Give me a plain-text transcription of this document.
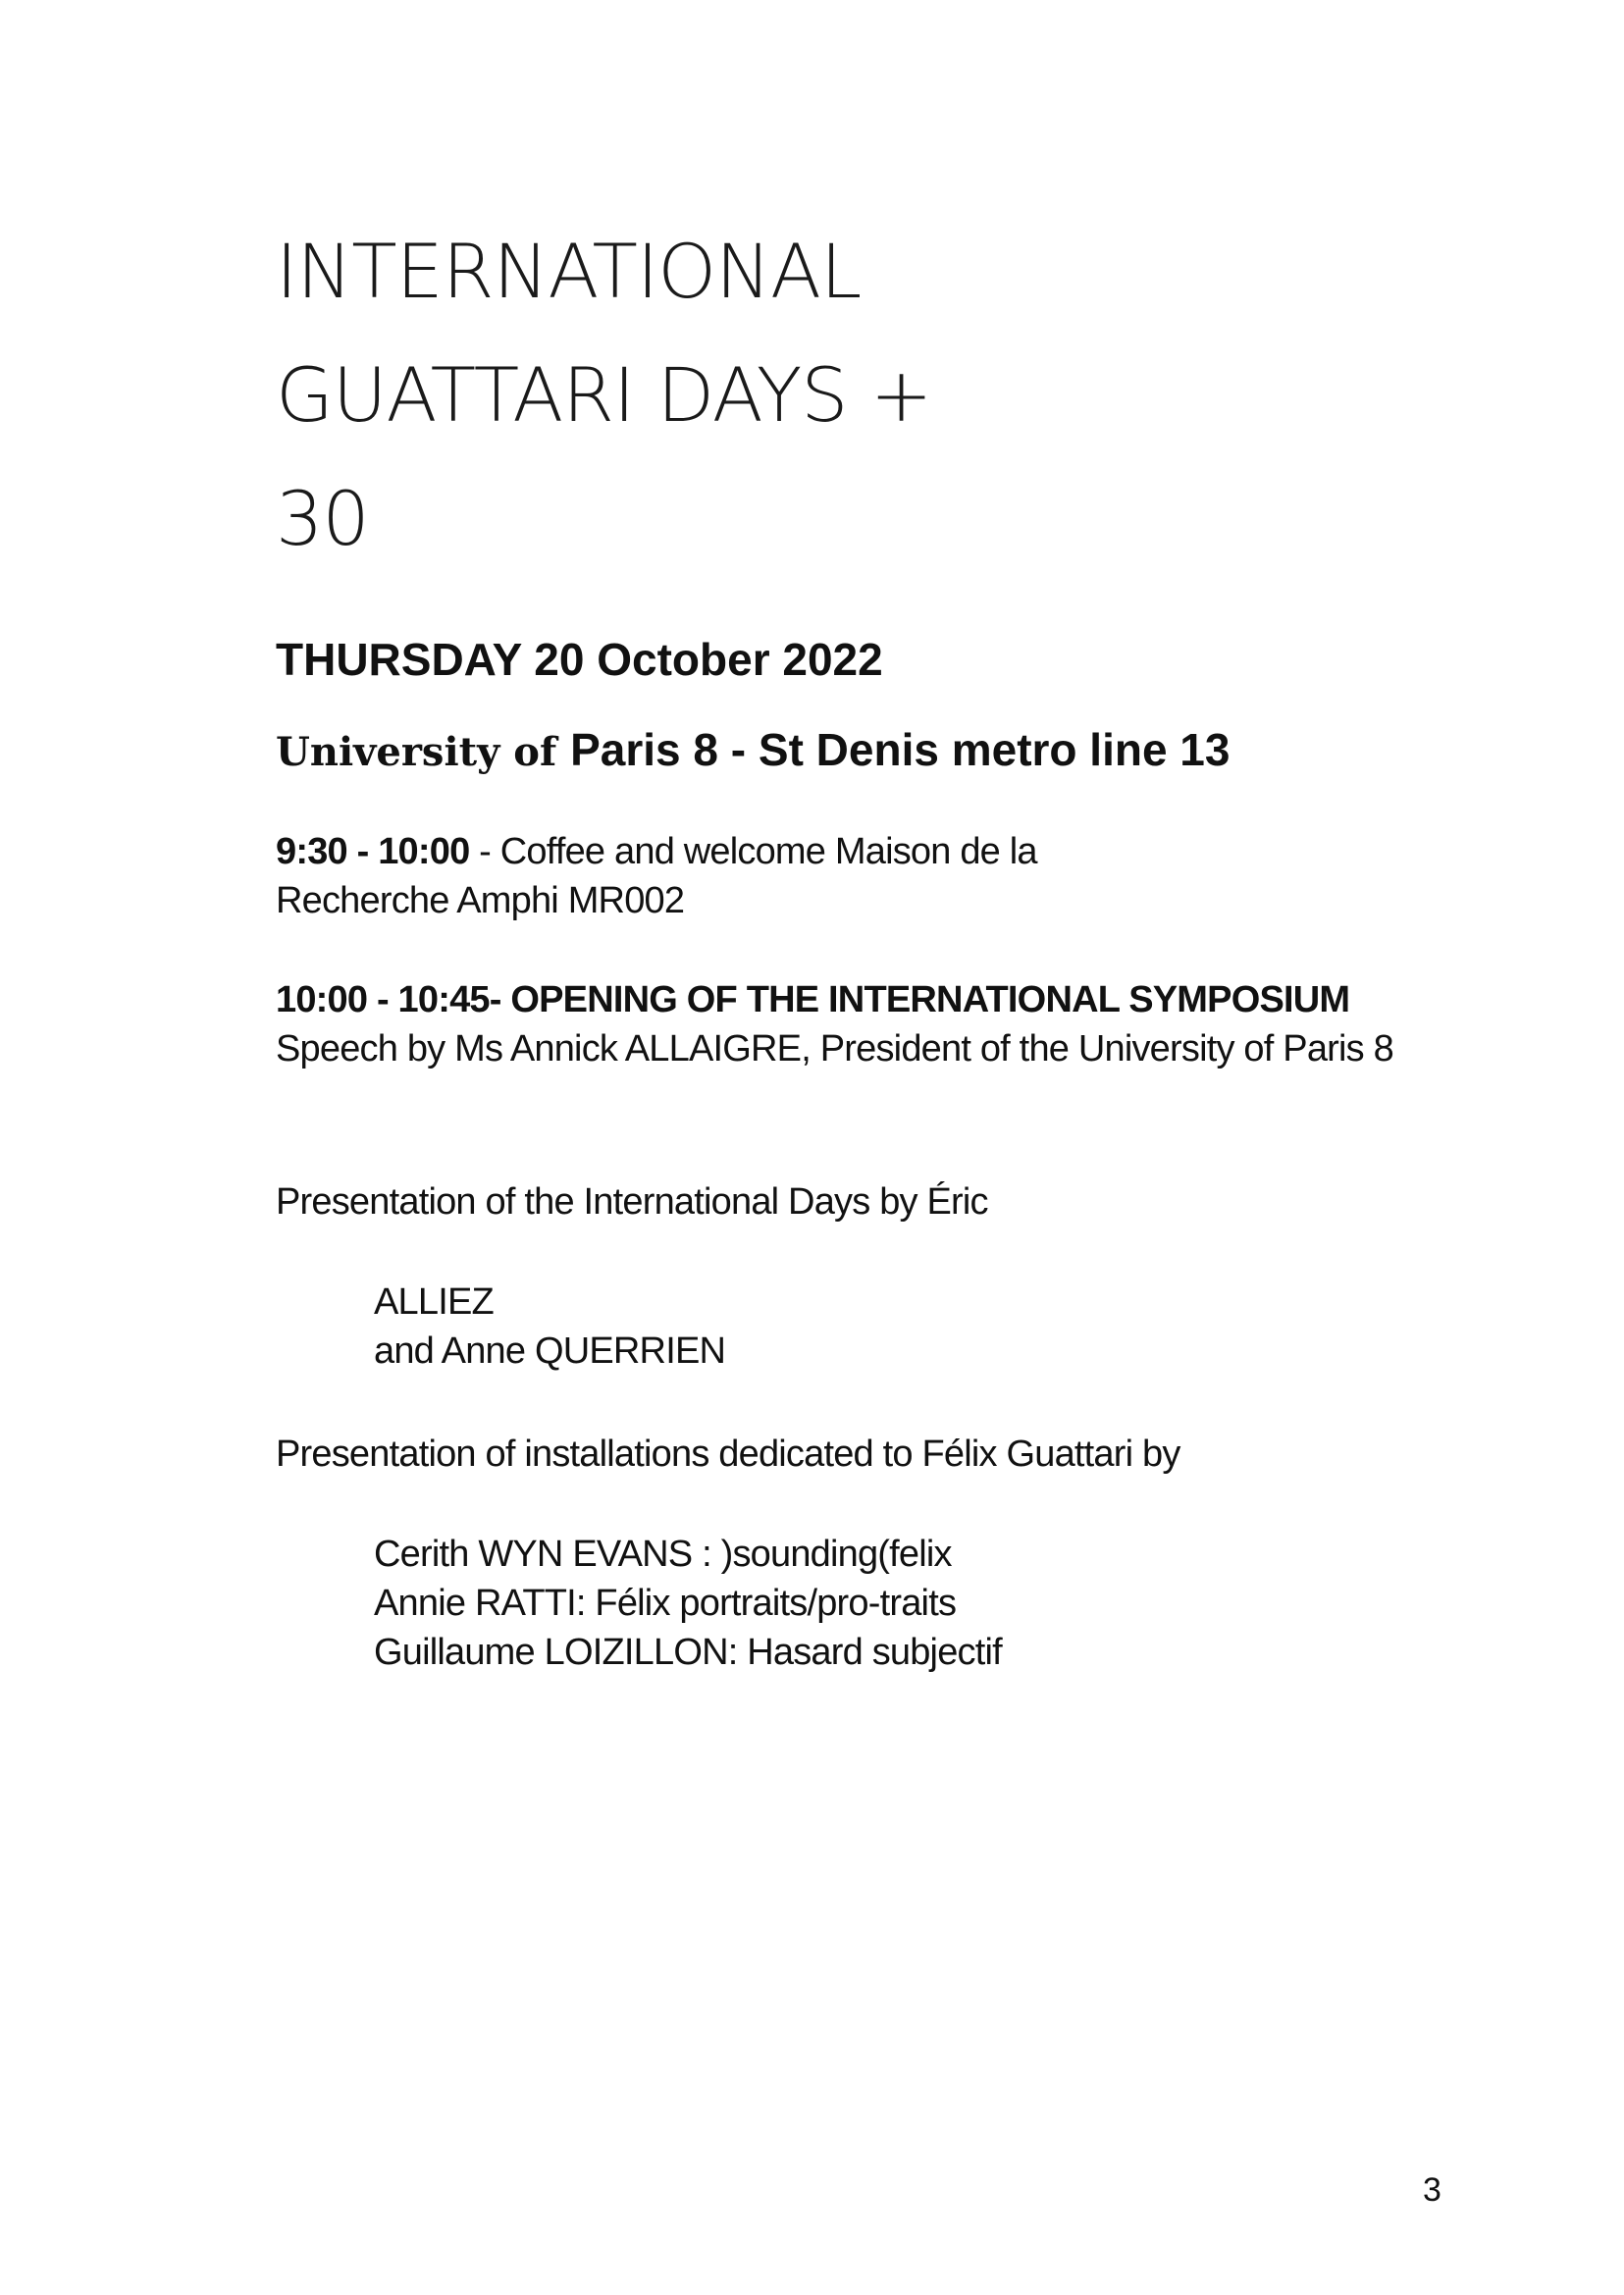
INTERNATIONAL
GUATTARI DAYS +
30
THURSDAY 20 October 2022
University of Paris 8 - St Denis metro line 13
9:30 - 10:00 - Coffee and welcome Maison de la
Recherche Amphi MR002
10:00 - 10:45- OPENING OF THE INTERNATIONAL SYMPOSIUM
Speech by Ms Annick ALLAIGRE, President of the University of Paris 8
Presentation of the International Days by Éric
ALLIEZ
and Anne QUERRIEN
Presentation of installations dedicated to Félix Guattari by
Cerith WYN EVANS : )sounding(felix
Annie RATTI: Félix portraits/pro-traits
Guillaume LOIZILLON: Hasard subjectif
3
